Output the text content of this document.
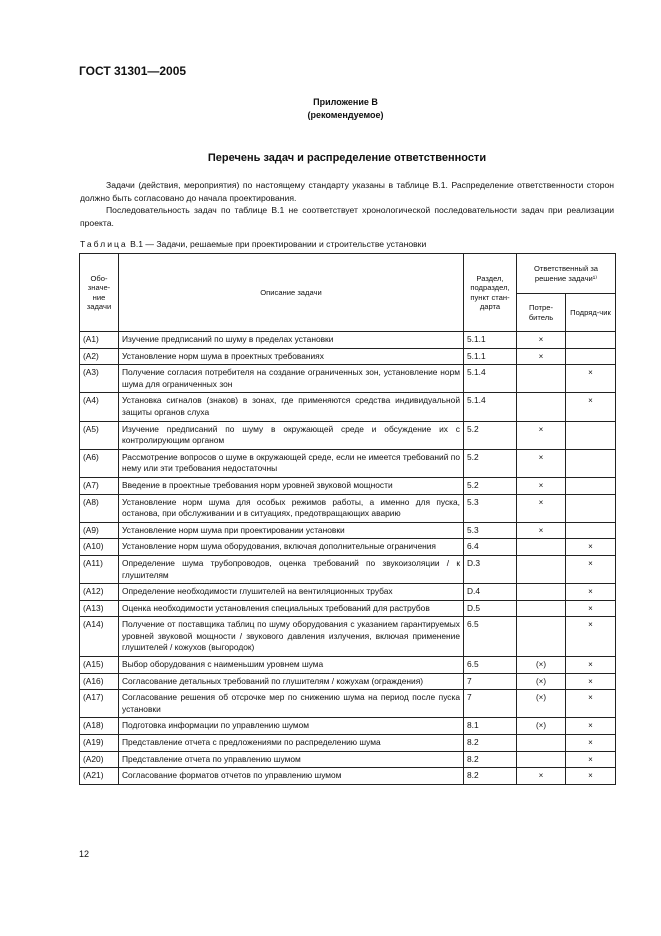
ГОСТ 31301—2005
Приложение В
(рекомендуемое)
Перечень задач и распределение ответственности
Задачи (действия, мероприятия) по настоящему стандарту указаны в таблице В.1. Распределение ответственности сторон должно быть согласовано до начала проектирования.
Последовательность задач по таблице В.1 не соответствует хронологической последовательности задач при реализации проекта.
Таблица В.1 — Задачи, решаемые при проектировании и строительстве установки
Обо-значе-ние задачи	Описание задачи	Раздел, подраздел, пункт стан-дарта	Ответственный за решение задачи¹⁾	
			Потре-битель	Подряд-чик
(A1)	Изучение предписаний по шуму в пределах установки	5.1.1	×	
(A2)	Установление норм шума в проектных требованиях	5.1.1	×	
(A3)	Получение согласия потребителя на создание ограниченных зон, установление норм шума для ограниченных зон	5.1.4		×
(A4)	Установка сигналов (знаков) в зонах, где применяются средства индивидуальной защиты органов слуха	5.1.4		×
(A5)	Изучение предписаний по шуму в окружающей среде и обсуждение их с контролирующим органом	5.2	×	
(A6)	Рассмотрение вопросов о шуме в окружающей среде, если не имеется требований по нему или эти требования недостаточны	5.2	×	
(A7)	Введение в проектные требования норм уровней звуковой мощности	5.2	×	
(A8)	Установление норм шума для особых режимов работы, а именно для пуска, останова, при обслуживании и в ситуациях, предотвращающих аварию	5.3	×	
(A9)	Установление норм шума при проектировании установки	5.3	×	
(A10)	Установление норм шума оборудования, включая дополнительные ограничения	6.4		×
(A11)	Определение шума трубопроводов, оценка требований по звукоизоляции / к глушителям	D.3		×
(A12)	Определение необходимости глушителей на вентиляционных трубах	D.4		×
(A13)	Оценка необходимости установления специальных требований для раструбов	D.5		×
(A14)	Получение от поставщика таблиц по шуму оборудования с указанием гарантируемых уровней звуковой мощности / звукового давления излучения, включая применение глушителей / кожухов (выгородок)	6.5		×
(A15)	Выбор оборудования с наименьшим уровнем шума	6.5	(×)	×
(A16)	Согласование детальных требований по глушителям / кожухам (ограждения)	7	(×)	×
(A17)	Согласование решения об отсрочке мер по снижению шума на период после пуска установки	7	(×)	×
(A18)	Подготовка информации по управлению шумом	8.1	(×)	×
(A19)	Представление отчета с предложениями по распределению шума	8.2		×
(A20)	Представление отчета по управлению шумом	8.2		×
(A21)	Согласование форматов отчетов по управлению шумом	8.2	×	×
12
